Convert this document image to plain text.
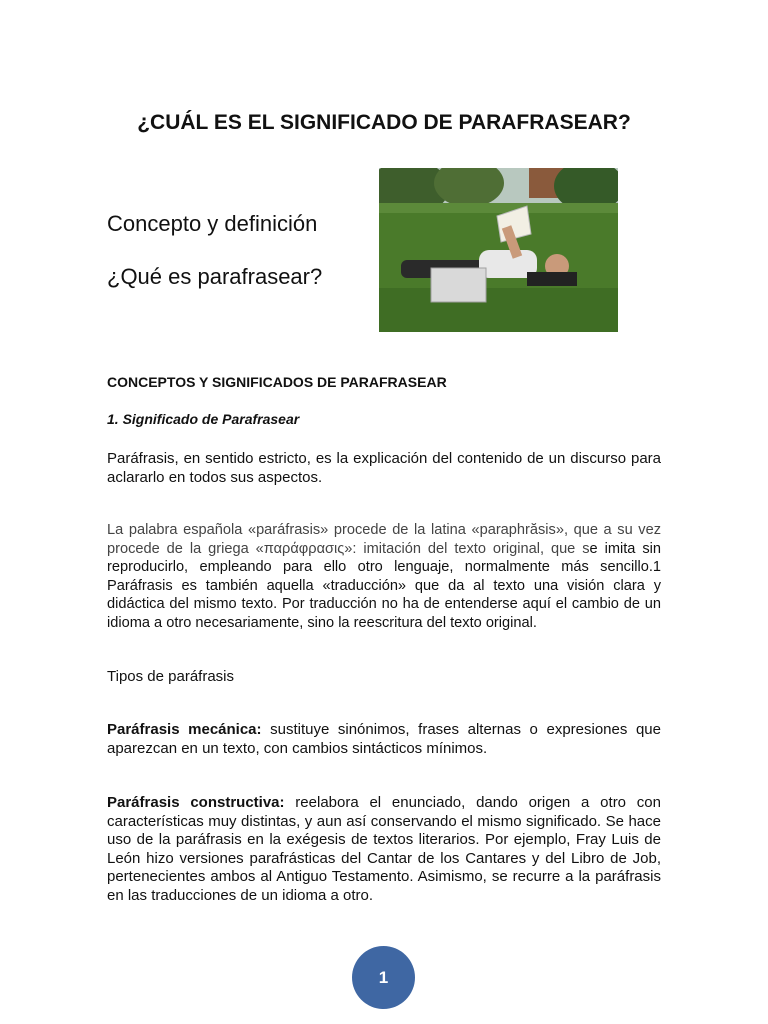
¿CUÁL ES EL SIGNIFICADO DE PARAFRASEAR?
Concepto y definición
¿Qué es parafrasear?
CONCEPTOS Y SIGNIFICADOS DE PARAFRASEAR
1. Significado de Parafrasear

Paráfrasis, en sentido estricto, es la explicación del contenido de un discurso para aclararlo en todos sus aspectos.

La palabra española «paráfrasis» procede de la latina «paraphrăsis», que a su vez procede de la griega «παράφρασις»: imitación del texto original, que se imita sin reproducirlo, empleando para ello otro lenguaje, normalmente más sencillo.1 Paráfrasis es también aquella «traducción» que da al texto una visión clara y didáctica del mismo texto. Por traducción no ha de entenderse aquí el cambio de un idioma a otro necesariamente, sino la reescritura del texto original.

Tipos de paráfrasis

Paráfrasis mecánica: sustituye sinónimos, frases alternas o expresiones que aparezcan en un texto, con cambios sintácticos mínimos.

Paráfrasis constructiva: reelabora el enunciado, dando origen a otro con características muy distintas, y aun así conservando el mismo significado. Se hace uso de la paráfrasis en la exégesis de textos literarios. Por ejemplo, Fray Luis de León hizo versiones parafrásticas del Cantar de los Cantares y del Libro de Job, pertenecientes ambos al Antiguo Testamento. Asimismo, se recurre a la paráfrasis en las traducciones de un idioma a otro.

1
